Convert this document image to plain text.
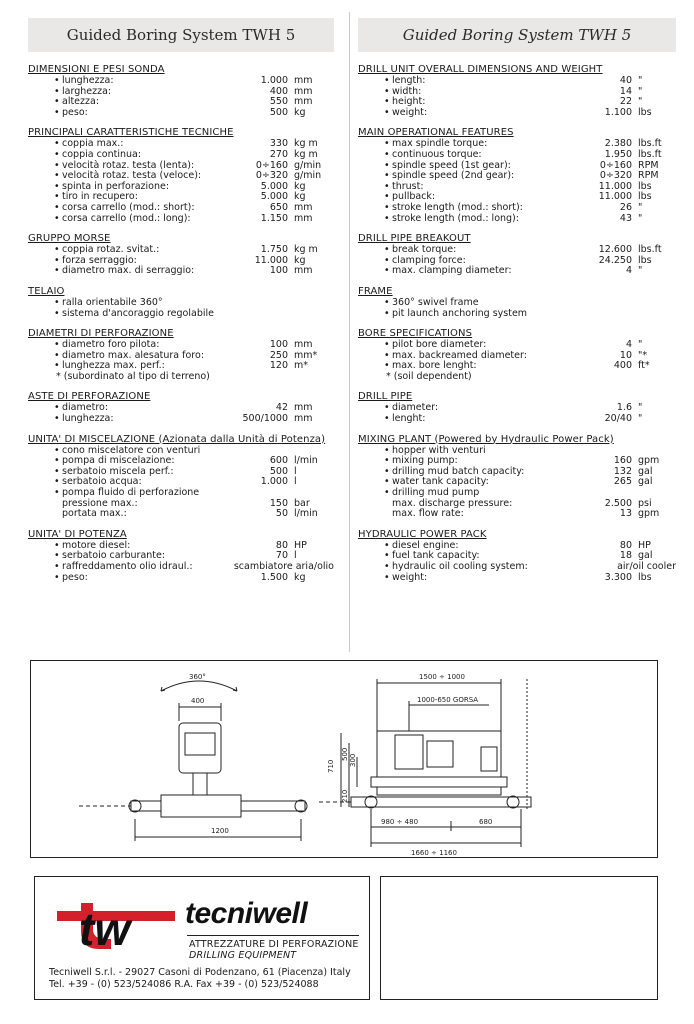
Guided Boring System TWH 5
DIMENSIONI E PESI SONDA
• lunghezza:	1.000 mm
• larghezza:	400 mm
• altezza:	550 mm
• peso:	500 kg
PRINCIPALI CARATTERISTICHE TECNICHE
• coppia max.:	330 kg m
• coppia continua:	270 kg m
• velocità rotaz. testa (lenta):	0÷160 g/min
• velocità rotaz. testa (veloce):	0÷320 g/min
• spinta in perforazione:	5.000 kg
• tiro in recupero:	5.000 kg
• corsa carrello (mod.: short):	650 mm
• corsa carrello (mod.: long):	1.150 mm
GRUPPO MORSE
• coppia rotaz. svitat.:	1.750 kg m
• forza serraggio:	11.000 kg
• diametro max. di serraggio:	100 mm
TELAIO
• ralla orientabile 360°
• sistema d'ancoraggio regolabile
DIAMETRI DI PERFORAZIONE
• diametro foro pilota:	100 mm
• diametro max. alesatura foro:	250 mm*
• lunghezza max. perf.:	120 m*
* (subordinato al tipo di terreno)
ASTE DI PERFORAZIONE
• diametro:	42 mm
• lunghezza:	500/1000 mm
UNITA' DI MISCELAZIONE (Azionata dalla Unità di Potenza)
• cono miscelatore con venturi
• pompa di miscelazione:	600 l/min
• serbatoio miscela perf.:	500 l
• serbatoio acqua:	1.000 l
• pompa fluido di perforazione
pressione max.:	150 bar
portata max.:	50 l/min
UNITA' DI POTENZA
• motore diesel:	80 HP
• serbatoio carburante:	70 l
• raffreddamento olio idraul.:	scambiatore aria/olio
• peso:	1.500 kg
Guided Boring System TWH 5
DRILL UNIT OVERALL DIMENSIONS AND WEIGHT
• length:	40 "
• width:	14 "
• height:	22 "
• weight:	1.100 lbs
MAIN OPERATIONAL FEATURES
• max spindle torque:	2.380 lbs.ft
• continuous torque:	1.950 lbs.ft
• spindle speed (1st gear):	0÷160 RPM
• spindle speed (2nd gear):	0÷320 RPM
• thrust:	11.000 lbs
• pullback:	11.000 lbs
• stroke length (mod.: short):	26 "
• stroke length (mod.: long):	43 "
DRILL PIPE BREAKOUT
• break torque:	12.600 lbs.ft
• clamping force:	24.250 lbs
• max. clamping diameter:	4 "
FRAME
• 360° swivel frame
• pit launch anchoring system
BORE SPECIFICATIONS
• pilot bore diameter:	4 "
• max. backreamed diameter:	10 "*
• max. bore lenght:	400 ft*
* (soil dependent)
DRILL PIPE
• diameter:	1.6 "
• lenght:	20/40 "
MIXING PLANT (Powered by Hydraulic Power Pack)
• hopper with venturi
• mixing pump:	160 gpm
• drilling mud batch capacity:	132 gal
• water tank capacity:	265 gal
• drilling mud pump
max. discharge pressure:	2.500 psi
max. flow rate:	13 gpm
HYDRAULIC POWER PACK
• diesel engine:	80 HP
• fuel tank capacity:	18 gal
• hydraulic oil cooling system:	air/oil cooler
• weight:	3.300 lbs
360°
400
1200
1500 ÷ 1000
1000-650 GORSA
710
500 300
210
980 ÷ 480	680
1660 ÷ 1160
tw tecniwell
ATTREZZATURE DI PERFORAZIONE
DRILLING EQUIPMENT
Tecniwell S.r.l. - 29027 Casoni di Podenzano, 61 (Piacenza) Italy
Tel. +39 - (0) 523/524086 R.A. Fax +39 - (0) 523/524088
